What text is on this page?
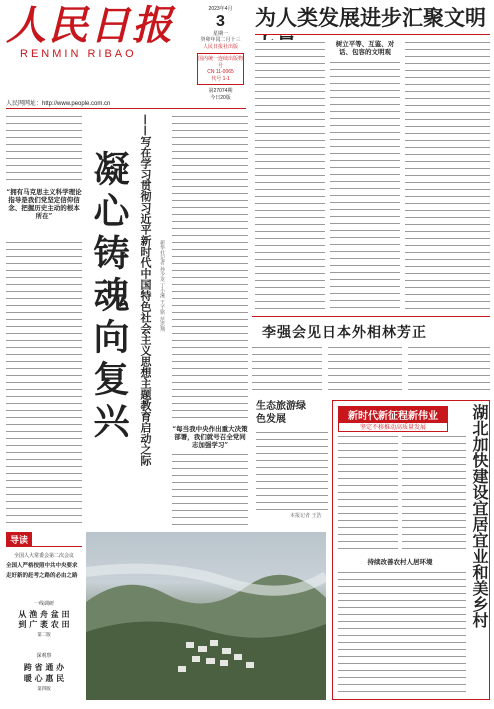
人民日报
RENMIN RIBAO
人民网网址：http://www.people.com.cn
2023年4月
3
星期一
癸卯年闰二月十三
人民日报社出版
国内统一连续出版物号
CN 11-0065
代号 1-1
第27074期
今日20版
为人类发展进步汇聚文明
树立平等、互鉴、对话、包容的文明观
“拥有马克思主义科学理论指导是我们党坚定信仰信念、把握历史主动的根本所在” 凝心铸魂向复兴 ——写在学习贯彻习近平新时代中国特色社会主义思想主题教育启动之际	新华社记者 孙少龙 丁小溪 王子铭 范思翔
“每当我中央作出重大决策部署，我们就号召全党同志加强学习”
李强会见日本外相林芳正
生态旅游绿色发展
本报记者 王浩
新时代新征程新伟业
坚定不移推动高质量发展	湖北加快建设宜居宜业和美乡村
持续改善农村人居环境
导读
全国人大常委会第二次会议
全国人严格按照中共中央要求
走好新的赶考之路的必由之路
一线调研
从 渔 舟 盆 田
到 广 袤 农 田
第二版
深观察
跨 省 通 办
暖 心 惠 民
第四版
